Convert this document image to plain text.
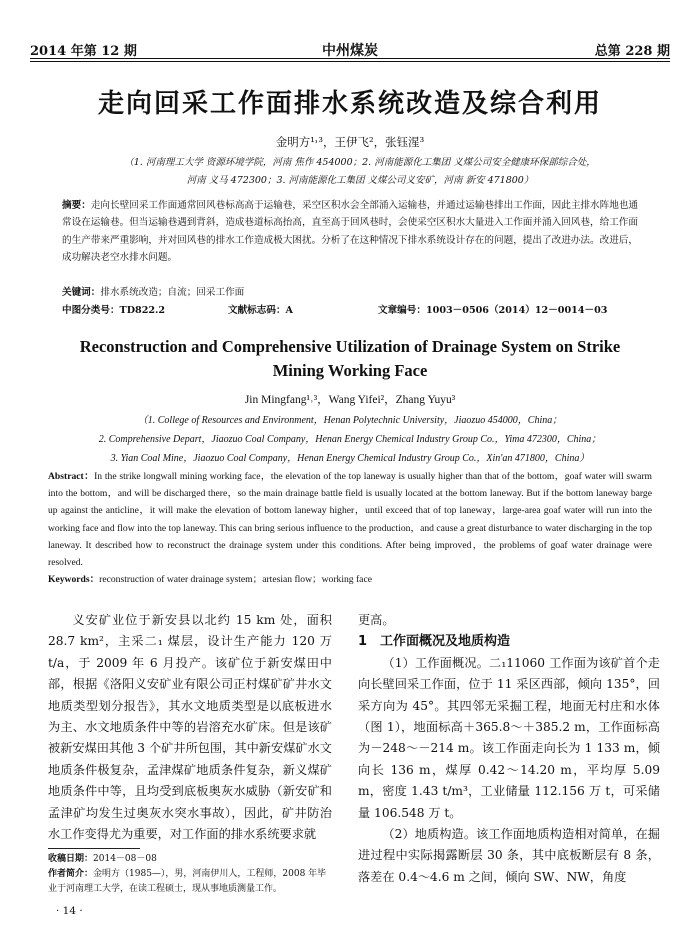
2014 年第 12 期	中州煤炭	总第 228 期
走向回采工作面排水系统改造及综合利用
金明方¹˒³，王伊飞²，张钰湦³
（1. 河南理工大学 资源环境学院，河南 焦作 454000；2. 河南能源化工集团 义煤公司安全健康环保部综合处，
河南 义马 472300；3. 河南能源化工集团 义煤公司义安矿，河南 新安 471800）
摘要：走向长壁回采工作面通常回风巷标高高于运输巷，采空区积水会全部涌入运输巷，并通过运输巷排出工作面，因此主排水阵地也通常设在运输巷。但当运输巷遇到背斜，造成巷道标高抬高，直至高于回风巷时，会使采空区积水大量进入工作面并涌入回风巷，给工作面的生产带来严重影响，并对回风巷的排水工作造成极大困扰。分析了在这种情况下排水系统设计存在的问题，提出了改进办法。改进后，成功解决老空水排水问题。
关键词：排水系统改造；自流；回采工作面
中图分类号：TD822.2	文献标志码：A	文章编号：1003－0506（2014）12－0014－03
Reconstruction and Comprehensive Utilization of Drainage System on Strike Mining Working Face
Jin Mingfang¹˒³，Wang Yifei²，Zhang Yuyu³
（1. College of Resources and Environment，Henan Polytechnic University，Jiaozuo 454000，China；
2. Comprehensive Depart，Jiaozuo Coal Company，Henan Energy Chemical Industry Group Co.，Yima 472300，China；
3. Yian Coal Mine，Jiaozuo Coal Company，Henan Energy Chemical Industry Group Co.，Xin'an 471800，China）
Abstract：In the strike longwall mining working face，the elevation of the top laneway is usually higher than that of the bottom，goaf water will swarm into the bottom，and will be discharged there，so the main drainage battle field is usually located at the bottom laneway. But if the bottom laneway barge up against the anticline，it will make the elevation of bottom laneway higher，until exceed that of top laneway，large-area goaf water will run into the working face and flow into the top laneway. This can bring serious influence to the production，and cause a great disturbance to water discharging in the top laneway. It described how to reconstruct the drainage system under this conditions. After being improved，the problems of goaf water drainage were resolved.
Keywords：reconstruction of water drainage system；artesian flow；working face

义安矿业位于新安县以北约 15 km 处，面积 28.7 km²，主采二₁ 煤层，设计生产能力 120 万 t/a，于 2009 年 6 月投产。该矿位于新安煤田中部，根据《洛阳义安矿业有限公司正村煤矿矿井水文地质类型划分报告》，其水文地质类型是以底板进水为主、水文地质条件中等的岩溶充水矿床。但是该矿被新安煤田其他 3 个矿井所包围，其中新安煤矿水文地质条件极复杂，孟津煤矿地质条件复杂，新义煤矿地质条件中等，且均受到底板奥灰水威胁（新安矿和孟津矿均发生过奥灰水突水事故），因此，矿井防治水工作变得尤为重要，对工作面的排水系统要求就

更高。

1　工作面概况及地质构造

（1）工作面概况。二₁11060 工作面为该矿首个走向长壁回采工作面，位于 11 采区西部，倾向 135°，回采方向为 45°。其四邻无采掘工程，地面无村庄和水体（图 1），地面标高＋365.8～＋385.2 m，工作面标高为－248～－214 m。该工作面走向长为 1 133 m，倾向长 136 m，煤厚 0.42～14.20 m，平均厚 5.09 m，密度 1.43 t/m³，工业储量 112.156 万 t，可采储量 106.548 万 t。

（2）地质构造。该工作面地质构造相对简单，在掘进过程中实际揭露断层 30 条，其中底板断层有 8 条，落差在 0.4～4.6 m 之间，倾向 SW、NW，角度

收稿日期：2014－08－08
作者简介：金明方（1985—），男，河南伊川人，工程师，2008 年毕业于河南理工大学，在读工程硕士，现从事地质测量工作。
· 14 ·
